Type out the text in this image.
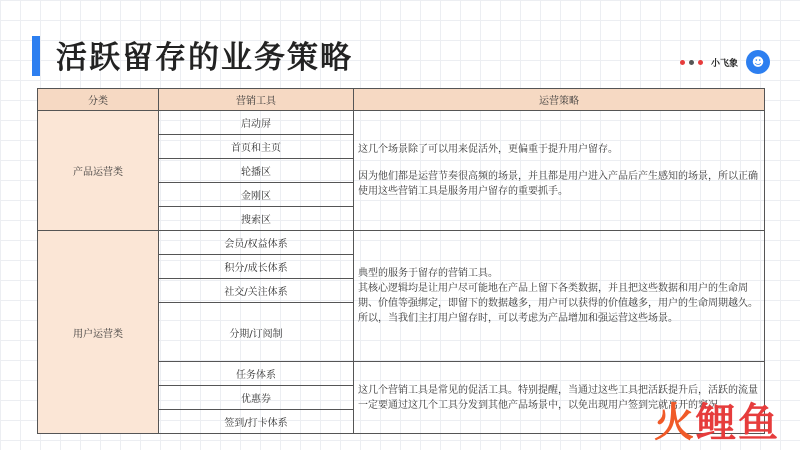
活跃留存的业务策略	小飞象	☻
分类	营销工具	运营策略
产品运营类	启动屏	这几个场景除了可以用来促活外，更偏重于提升用户留存。

因为他们都是运营节奏很高频的场景，并且都是用户进入产品后产生感知的场景，所以正确使用这些营销工具是服务用户留存的重要抓手。

	首页和主页	
	轮播区	
	金刚区	
	搜索区	
用户运营类	会员/权益体系	典型的服务于留存的营销工具。

其核心逻辑均是让用户尽可能地在产品上留下各类数据，并且把这些数据和用户的生命周期、价值等强绑定，即留下的数据越多，用户可以获得的价值越多，用户的生命周期越久。

所以，当我们主打用户留存时，可以考虑为产品增加和强运营这些场景。

	积分/成长体系	
	社交/关注体系	
	分期/订阅制	
	任务体系	这几个营销工具是常见的促活工具。特别提醒，当通过这些工具把活跃提升后，活跃的流量一定要通过这几个工具分发到其他产品场景中，以免出现用户签到完就离开的窘况。

	优惠券	
	签到/打卡体系		火鲤鱼
